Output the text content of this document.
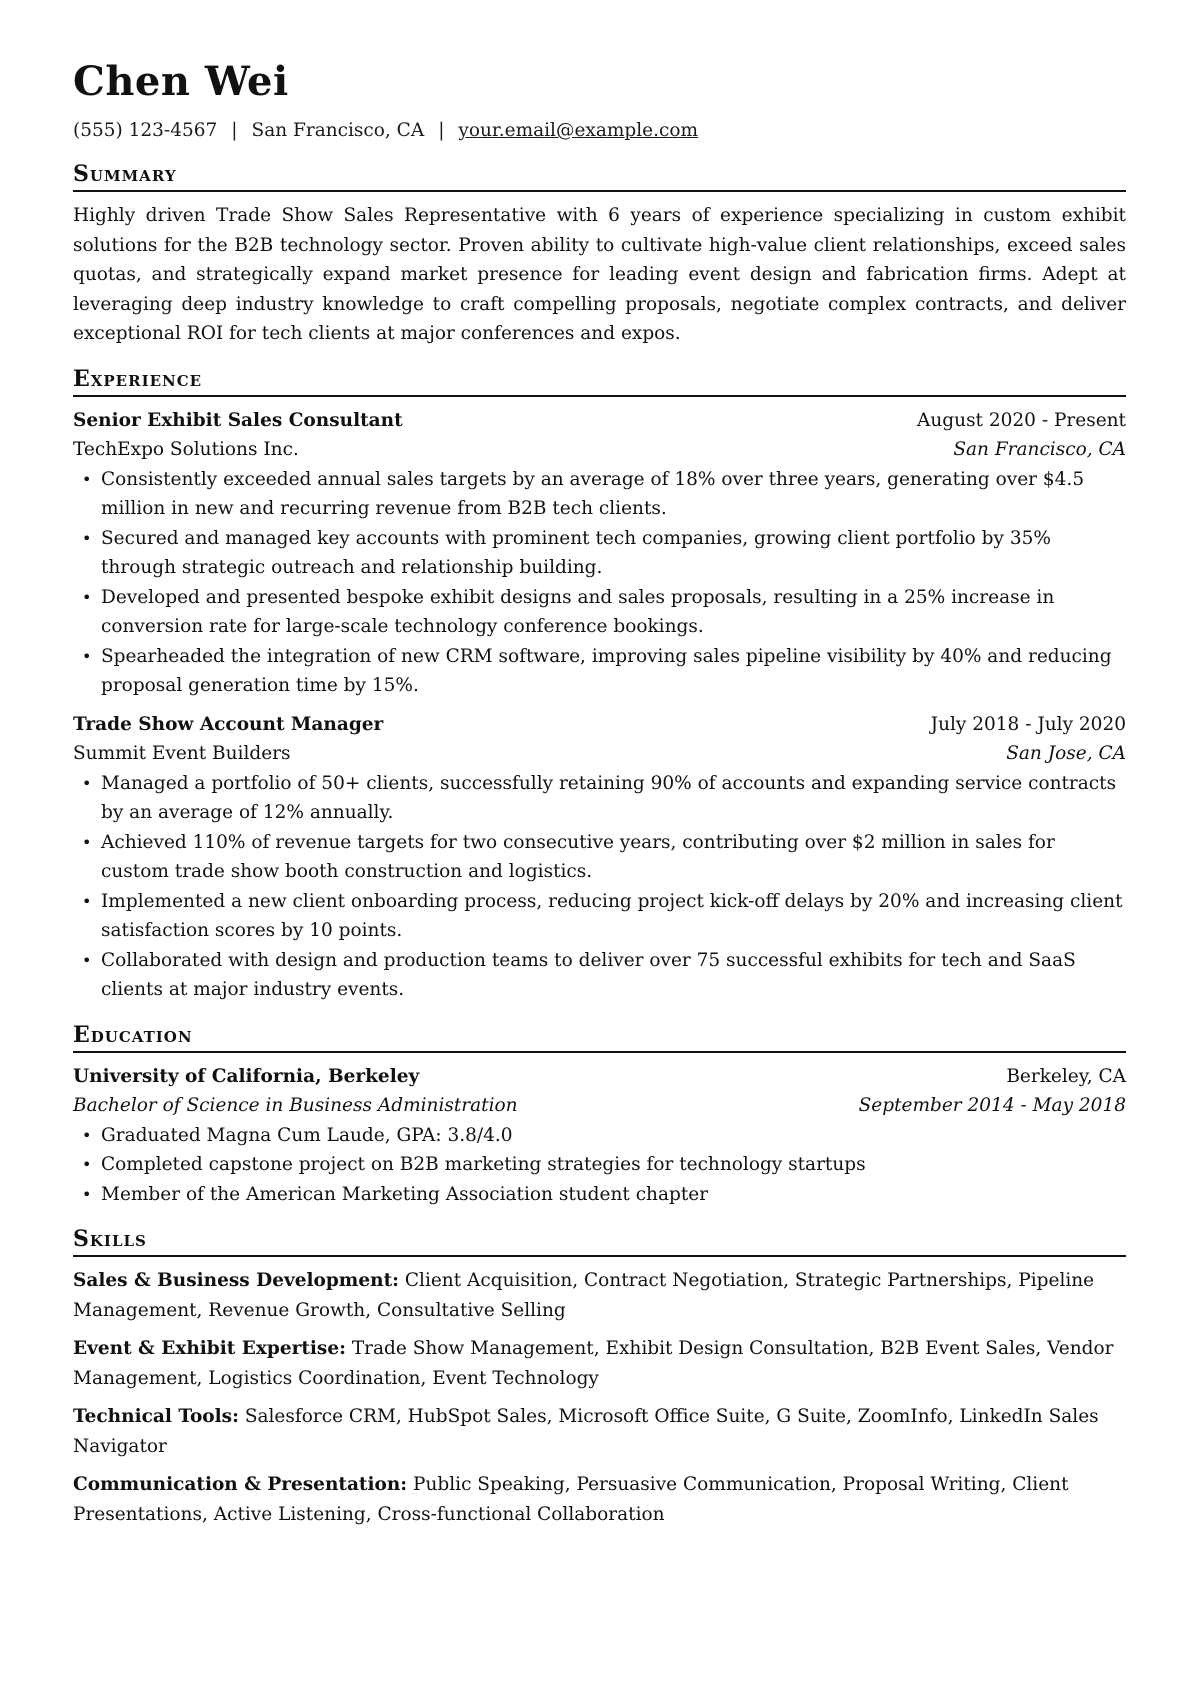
Chen Wei
(555) 123-4567 | San Francisco, CA | your.email@example.com
Summary
Highly driven Trade Show Sales Representative with 6 years of experience specializing in custom exhibit solutions for the B2B technology sector. Proven ability to cultivate high-value client relationships, exceed sales quotas, and strategically expand market presence for leading event design and fabrication firms. Adept at leveraging deep industry knowledge to craft compelling proposals, negotiate complex contracts, and deliver exceptional ROI for tech clients at major conferences and expos.
Experience
Senior Exhibit Sales Consultant	August 2020 - Present
TechExpo Solutions Inc.	San Francisco, CA
• Consistently exceeded annual sales targets by an average of 18% over three years, generating over $4.5 million in new and recurring revenue from B2B tech clients.
• Secured and managed key accounts with prominent tech companies, growing client portfolio by 35% through strategic outreach and relationship building.
• Developed and presented bespoke exhibit designs and sales proposals, resulting in a 25% increase in conversion rate for large-scale technology conference bookings.
• Spearheaded the integration of new CRM software, improving sales pipeline visibility by 40% and reducing proposal generation time by 15%.
Trade Show Account Manager	July 2018 - July 2020
Summit Event Builders	San Jose, CA
• Managed a portfolio of 50+ clients, successfully retaining 90% of accounts and expanding service contracts by an average of 12% annually.
• Achieved 110% of revenue targets for two consecutive years, contributing over $2 million in sales for custom trade show booth construction and logistics.
• Implemented a new client onboarding process, reducing project kick-off delays by 20% and increasing client satisfaction scores by 10 points.
• Collaborated with design and production teams to deliver over 75 successful exhibits for tech and SaaS clients at major industry events.
Education
University of California, Berkeley	Berkeley, CA
Bachelor of Science in Business Administration	September 2014 - May 2018
• Graduated Magna Cum Laude, GPA: 3.8/4.0
• Completed capstone project on B2B marketing strategies for technology startups
• Member of the American Marketing Association student chapter
Skills
Sales & Business Development: Client Acquisition, Contract Negotiation, Strategic Partnerships, Pipeline Management, Revenue Growth, Consultative Selling
Event & Exhibit Expertise: Trade Show Management, Exhibit Design Consultation, B2B Event Sales, Vendor Management, Logistics Coordination, Event Technology
Technical Tools: Salesforce CRM, HubSpot Sales, Microsoft Office Suite, G Suite, ZoomInfo, LinkedIn Sales Navigator
Communication & Presentation: Public Speaking, Persuasive Communication, Proposal Writing, Client Presentations, Active Listening, Cross-functional Collaboration
